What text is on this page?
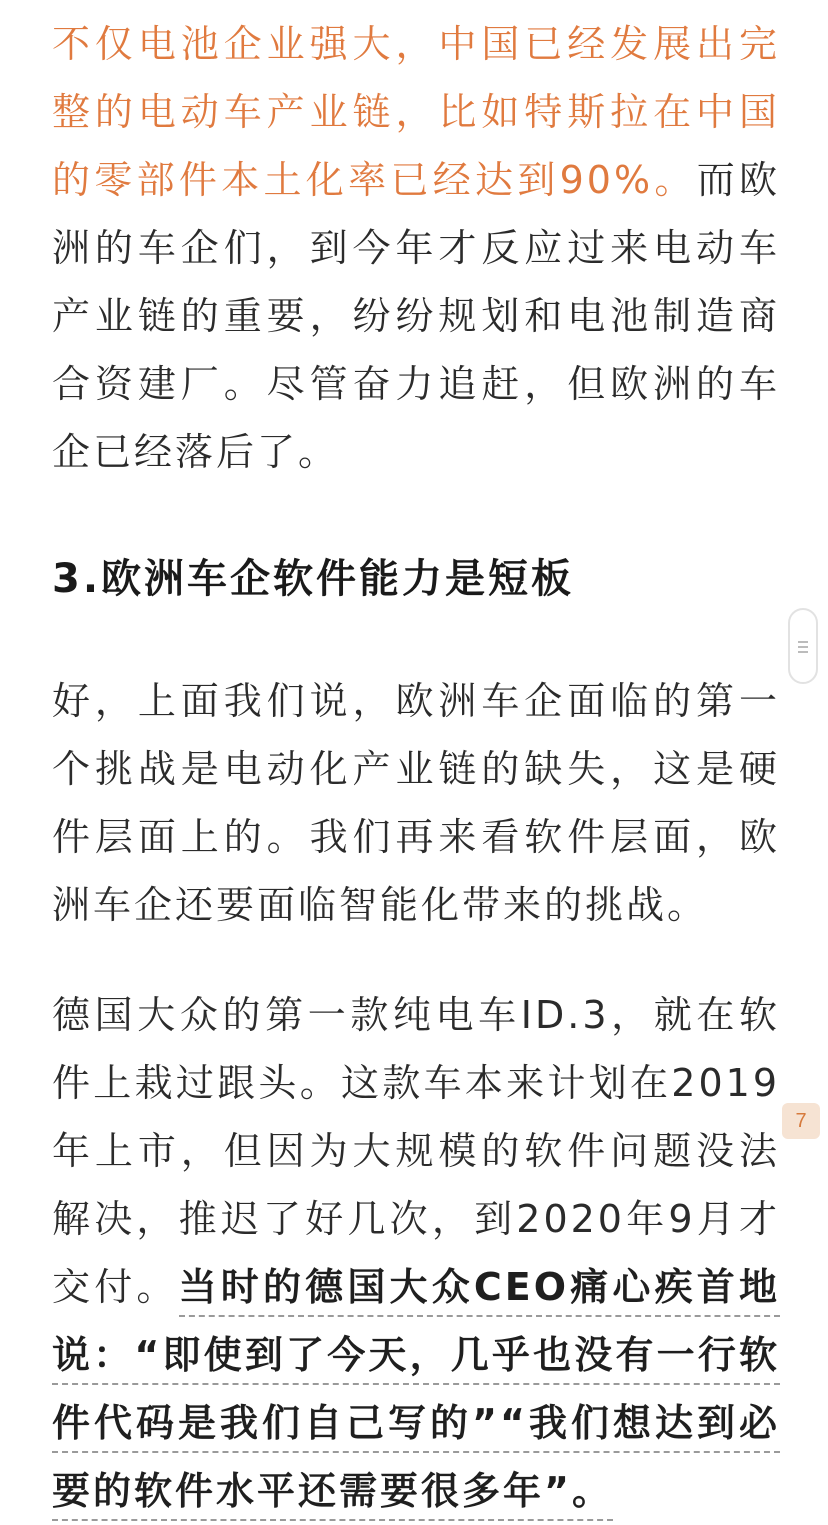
不仅电池企业强大，中国已经发展出完整的电动车产业链，比如特斯拉在中国的零部件本土化率已经达到90%。而欧洲的车企们，到今年才反应过来电动车产业链的重要，纷纷规划和电池制造商合资建厂。尽管奋力追赶，但欧洲的车企已经落后了。

3.欧洲车企软件能力是短板

好，上面我们说，欧洲车企面临的第一个挑战是电动化产业链的缺失，这是硬件层面上的。我们再来看软件层面，欧洲车企还要面临智能化带来的挑战。

德国大众的第一款纯电车ID.3，就在软件上栽过跟头。这款车本来计划在2019年上市，但因为大规模的软件问题没法解决，推迟了好几次，到2020年9月才交付。当时的德国大众CEO痛心疾首地说：“即使到了今天，几乎也没有一行软件代码是我们自己写的”“我们想达到必要的软件水平还需要很多年”。

7
